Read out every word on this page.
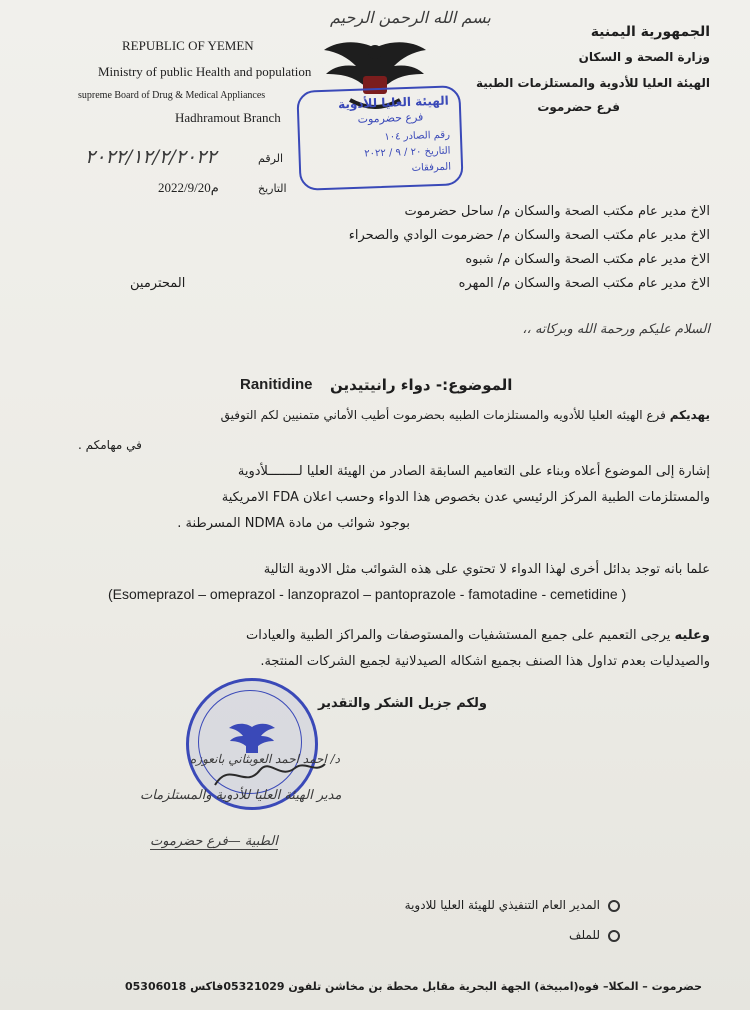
REPUBLIC OF YEMEN
Ministry of public Health and population
supreme Board of Drug & Medical Appliances
Hadhramout Branch
بسم الله الرحمن الرحيم
الجمهورية اليمنية
وزارة الصحة و السكان
الهيئة العليا للأدوية والمستلزمات الطبية
فرع حضرموت
الهيئة العليا للأدوية
فرع حضرموت
رقم الصادر ١٠٤
التاريخ ٢٠ / ٩ / ٢٠٢٢
المرفقات
الرقم
٢٠٢٢/١٢/٢/٢٠٢٢
التاريخ
2022/9/20م
الاخ مدير عام مكتب الصحة والسكان م/ ساحل حضرموت
الاخ مدير عام مكتب الصحة والسكان م/ حضرموت الوادي والصحراء
الاخ مدير عام مكتب الصحة والسكان م/ شبوه
الاخ مدير عام مكتب الصحة والسكان م/ المهره
المحترمين
السلام عليكم ورحمة الله وبركاته ،،
الموضوع:- دواء رانيتيدين
Ranitidine
يهديكم فرع الهيئه العليا للأدويه والمستلزمات الطبيه بحضرموت أطيب الأماني متمنيين لكم التوفيق
في مهامكم .
إشارة إلى الموضوع أعلاه وبناء على التعاميم السابقة الصادر من الهيئة العليا لــــــــلأدوية
والمستلزمات الطبية المركز الرئيسي عدن بخصوص هذا الدواء وحسب اعلان FDA الامريكية
بوجود شوائب من مادة NDMA المسرطنة .
علما بانه توجد بدائل أخرى لهذا الدواء لا تحتوي على هذه الشوائب مثل الادوية التالية
(Esomeprazol – omeprazol - lanzoprazol – pantoprazole - famotadine - cemetidine )
وعليه يرجى التعميم على جميع المستشفيات والمستوصفات والمراكز الطبية والعيادات
والصيدليات بعدم تداول هذا الصنف بجميع اشكاله الصيدلانية لجميع الشركات المنتجة.
ولكم جزيل الشكر والتقدير
د/ احمد احمد العوبثاني بانعوزه
مدير الهيئة العليا للأدوية والمستلزمات
الطبية —فرع حضرموت
المدير العام التنفيذي للهيئة العليا للادوية
للملف
حضرموت – المكلا– فوه(امبيخة) الجهة البحرية مقابل محطة بن مخاشن تلفون 05321029فاكس 05306018
